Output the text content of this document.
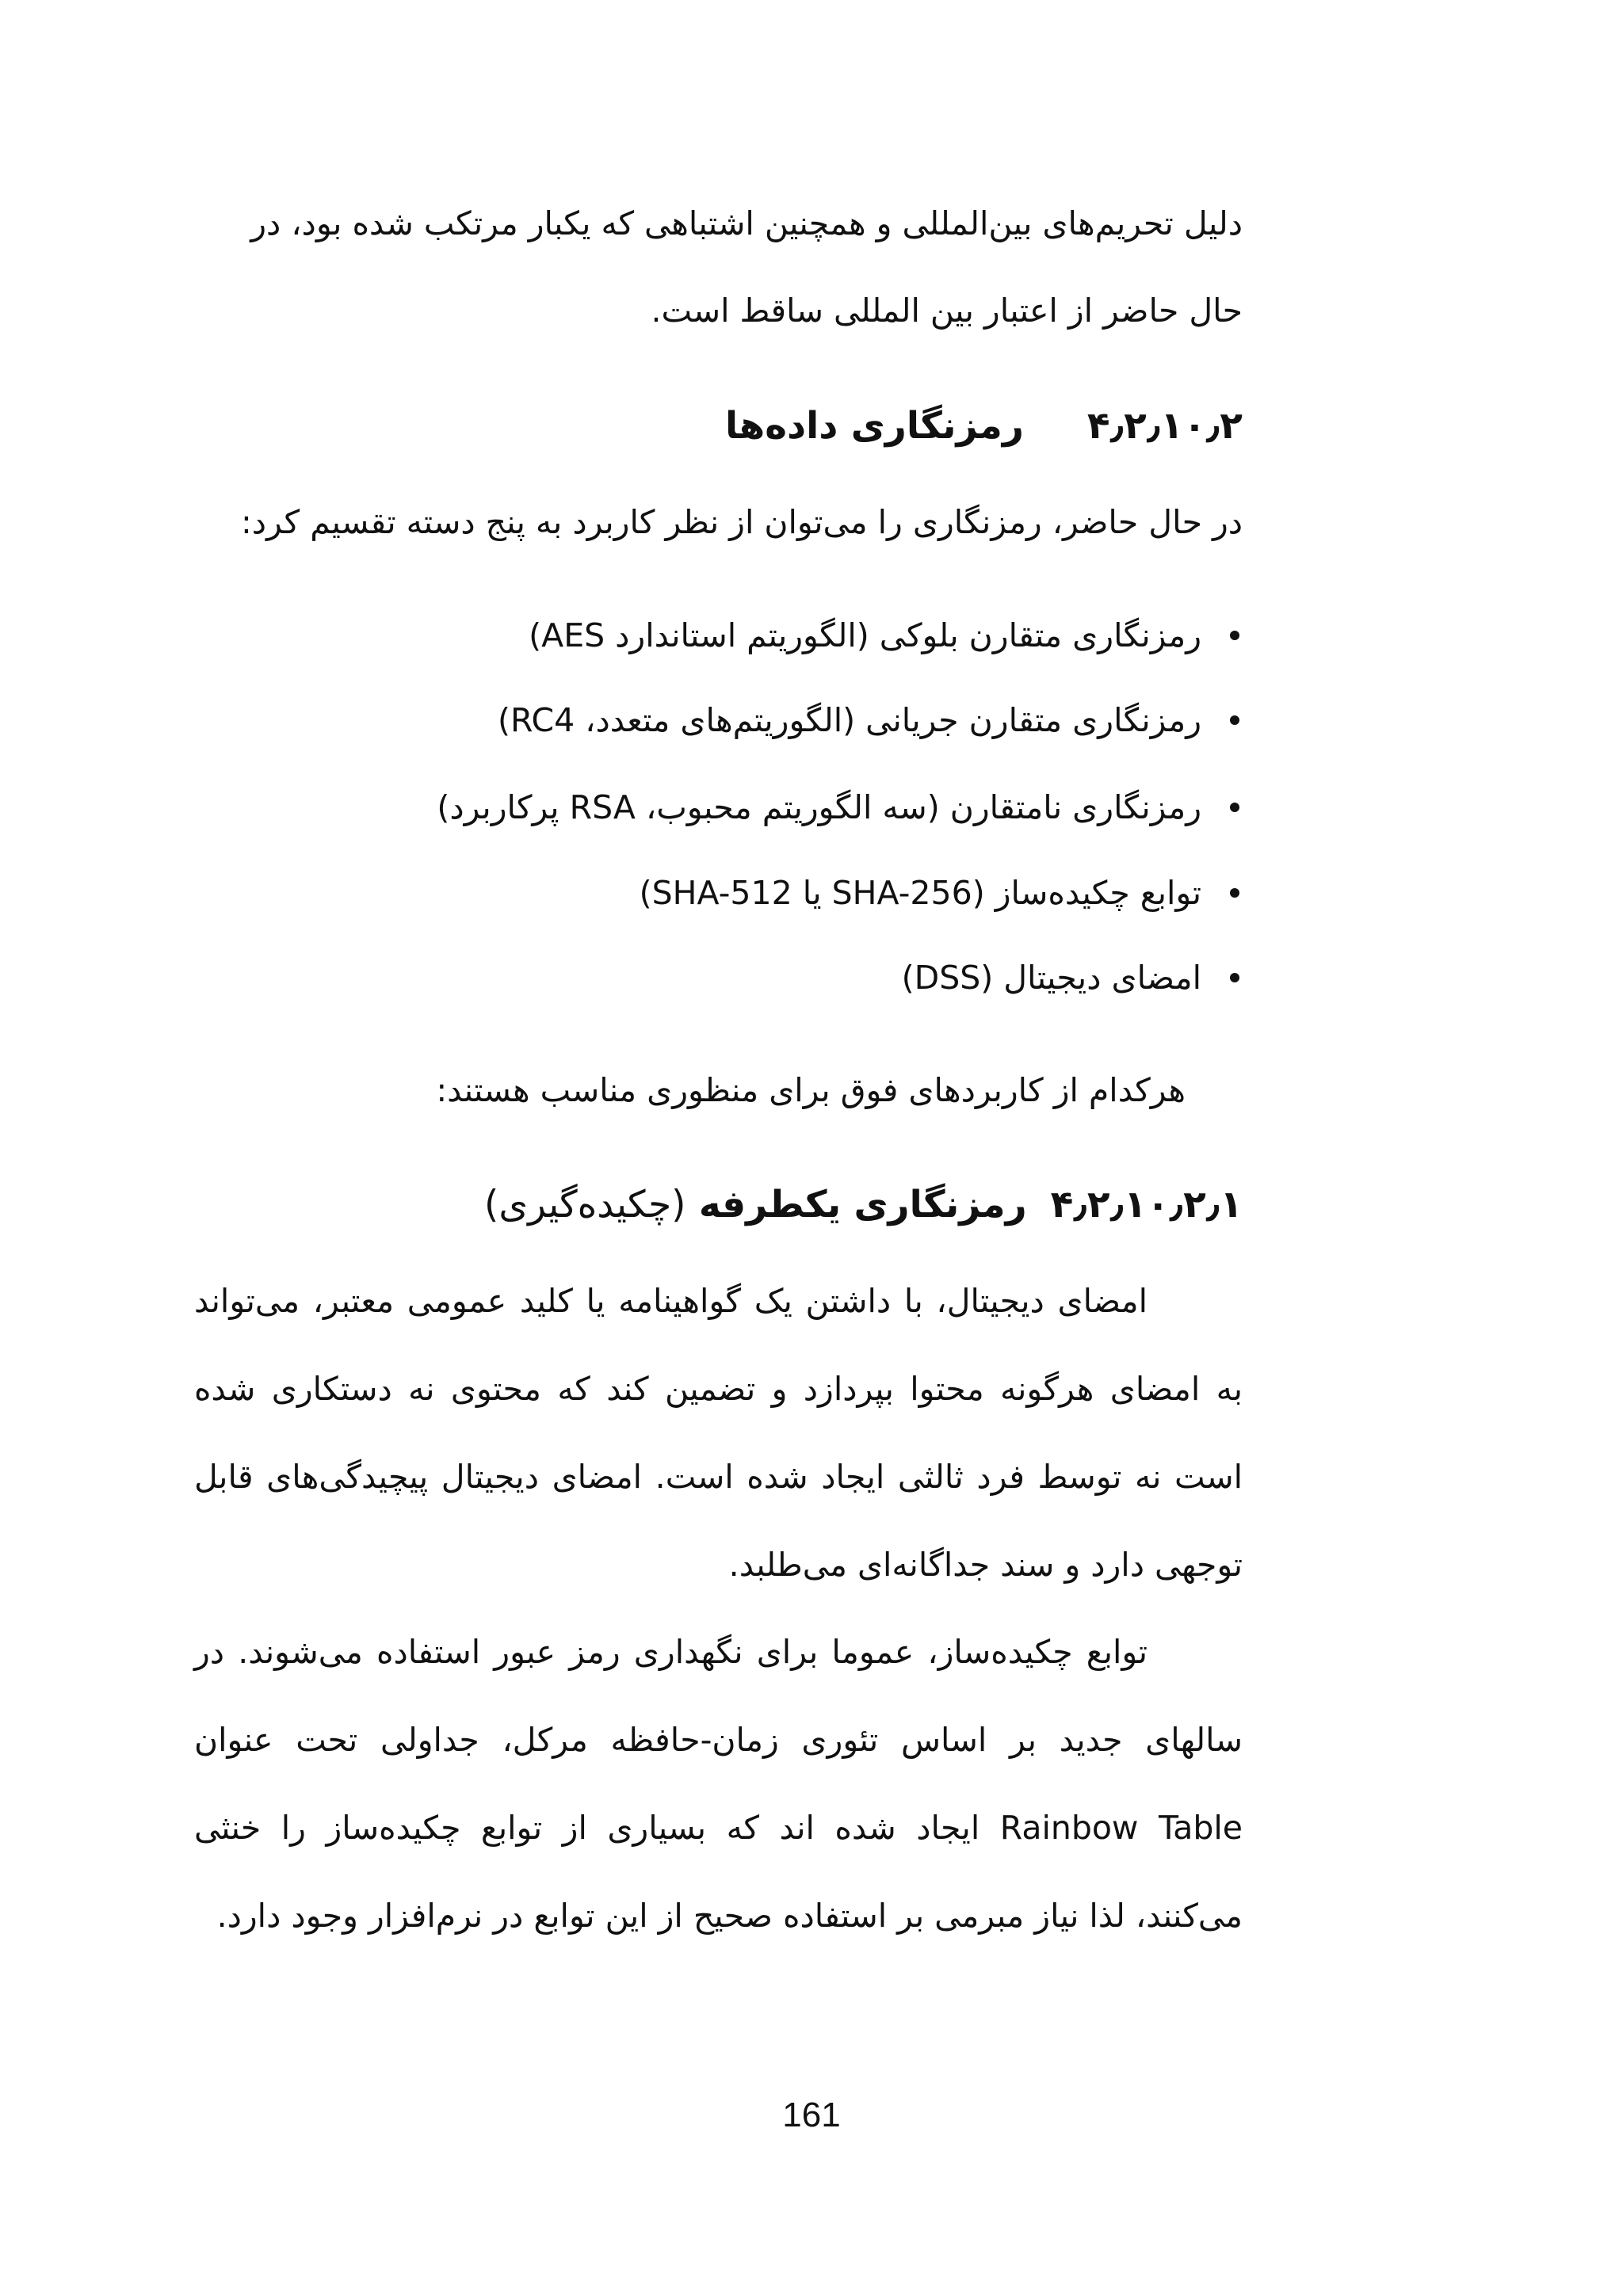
دلیل تحریم‌های بین‌المللی و همچنین اشتباهی که یکبار مرتکب شده بود، در
حال حاضر از اعتبار بین المللی ساقط است.
۴٫۲٫۱۰٫۲رمزنگاری داده‌ها
در حال حاضر، رمزنگاری را می‌توان از نظر کاربرد به پنج دسته تقسیم کرد:
رمزنگاری متقارن بلوکی (الگوریتم استاندارد AES)
رمزنگاری متقارن جریانی (الگوریتم‌های متعدد، RC4)
رمزنگاری نامتقارن (سه الگوریتم محبوب، RSA پرکاربرد)
توابع چکیده‌ساز (SHA-256 یا SHA-512)
امضای دیجیتال (DSS)
هرکدام از کاربردهای فوق برای منظوری مناسب هستند:
۴٫۲٫۱۰٫۲٫۱رمزنگاری یکطرفه (چکیده‌گیری)
امضای دیجیتال، با داشتن یک گواهینامه یا کلید عمومی معتبر، می‌تواند به امضای هرگونه محتوا بپردازد و تضمین کند که محتوی نه دستکاری شده است نه توسط فرد ثالثی ایجاد شده است. امضای دیجیتال پیچیدگی‌های قابل توجهی دارد و سند جداگانه‌ای می‌طلبد.
توابع چکیده‌ساز، عموما برای نگهداری رمز عبور استفاده می‌شوند. در سالهای جدید بر اساس تئوری زمان-حافظه مرکل، جداولی تحت عنوان Rainbow Table ایجاد شده اند که بسیاری از توابع چکیده‌ساز را خنثی می‌کنند، لذا نیاز مبرمی بر استفاده صحیح از این توابع در نرم‌افزار وجود دارد.
161
